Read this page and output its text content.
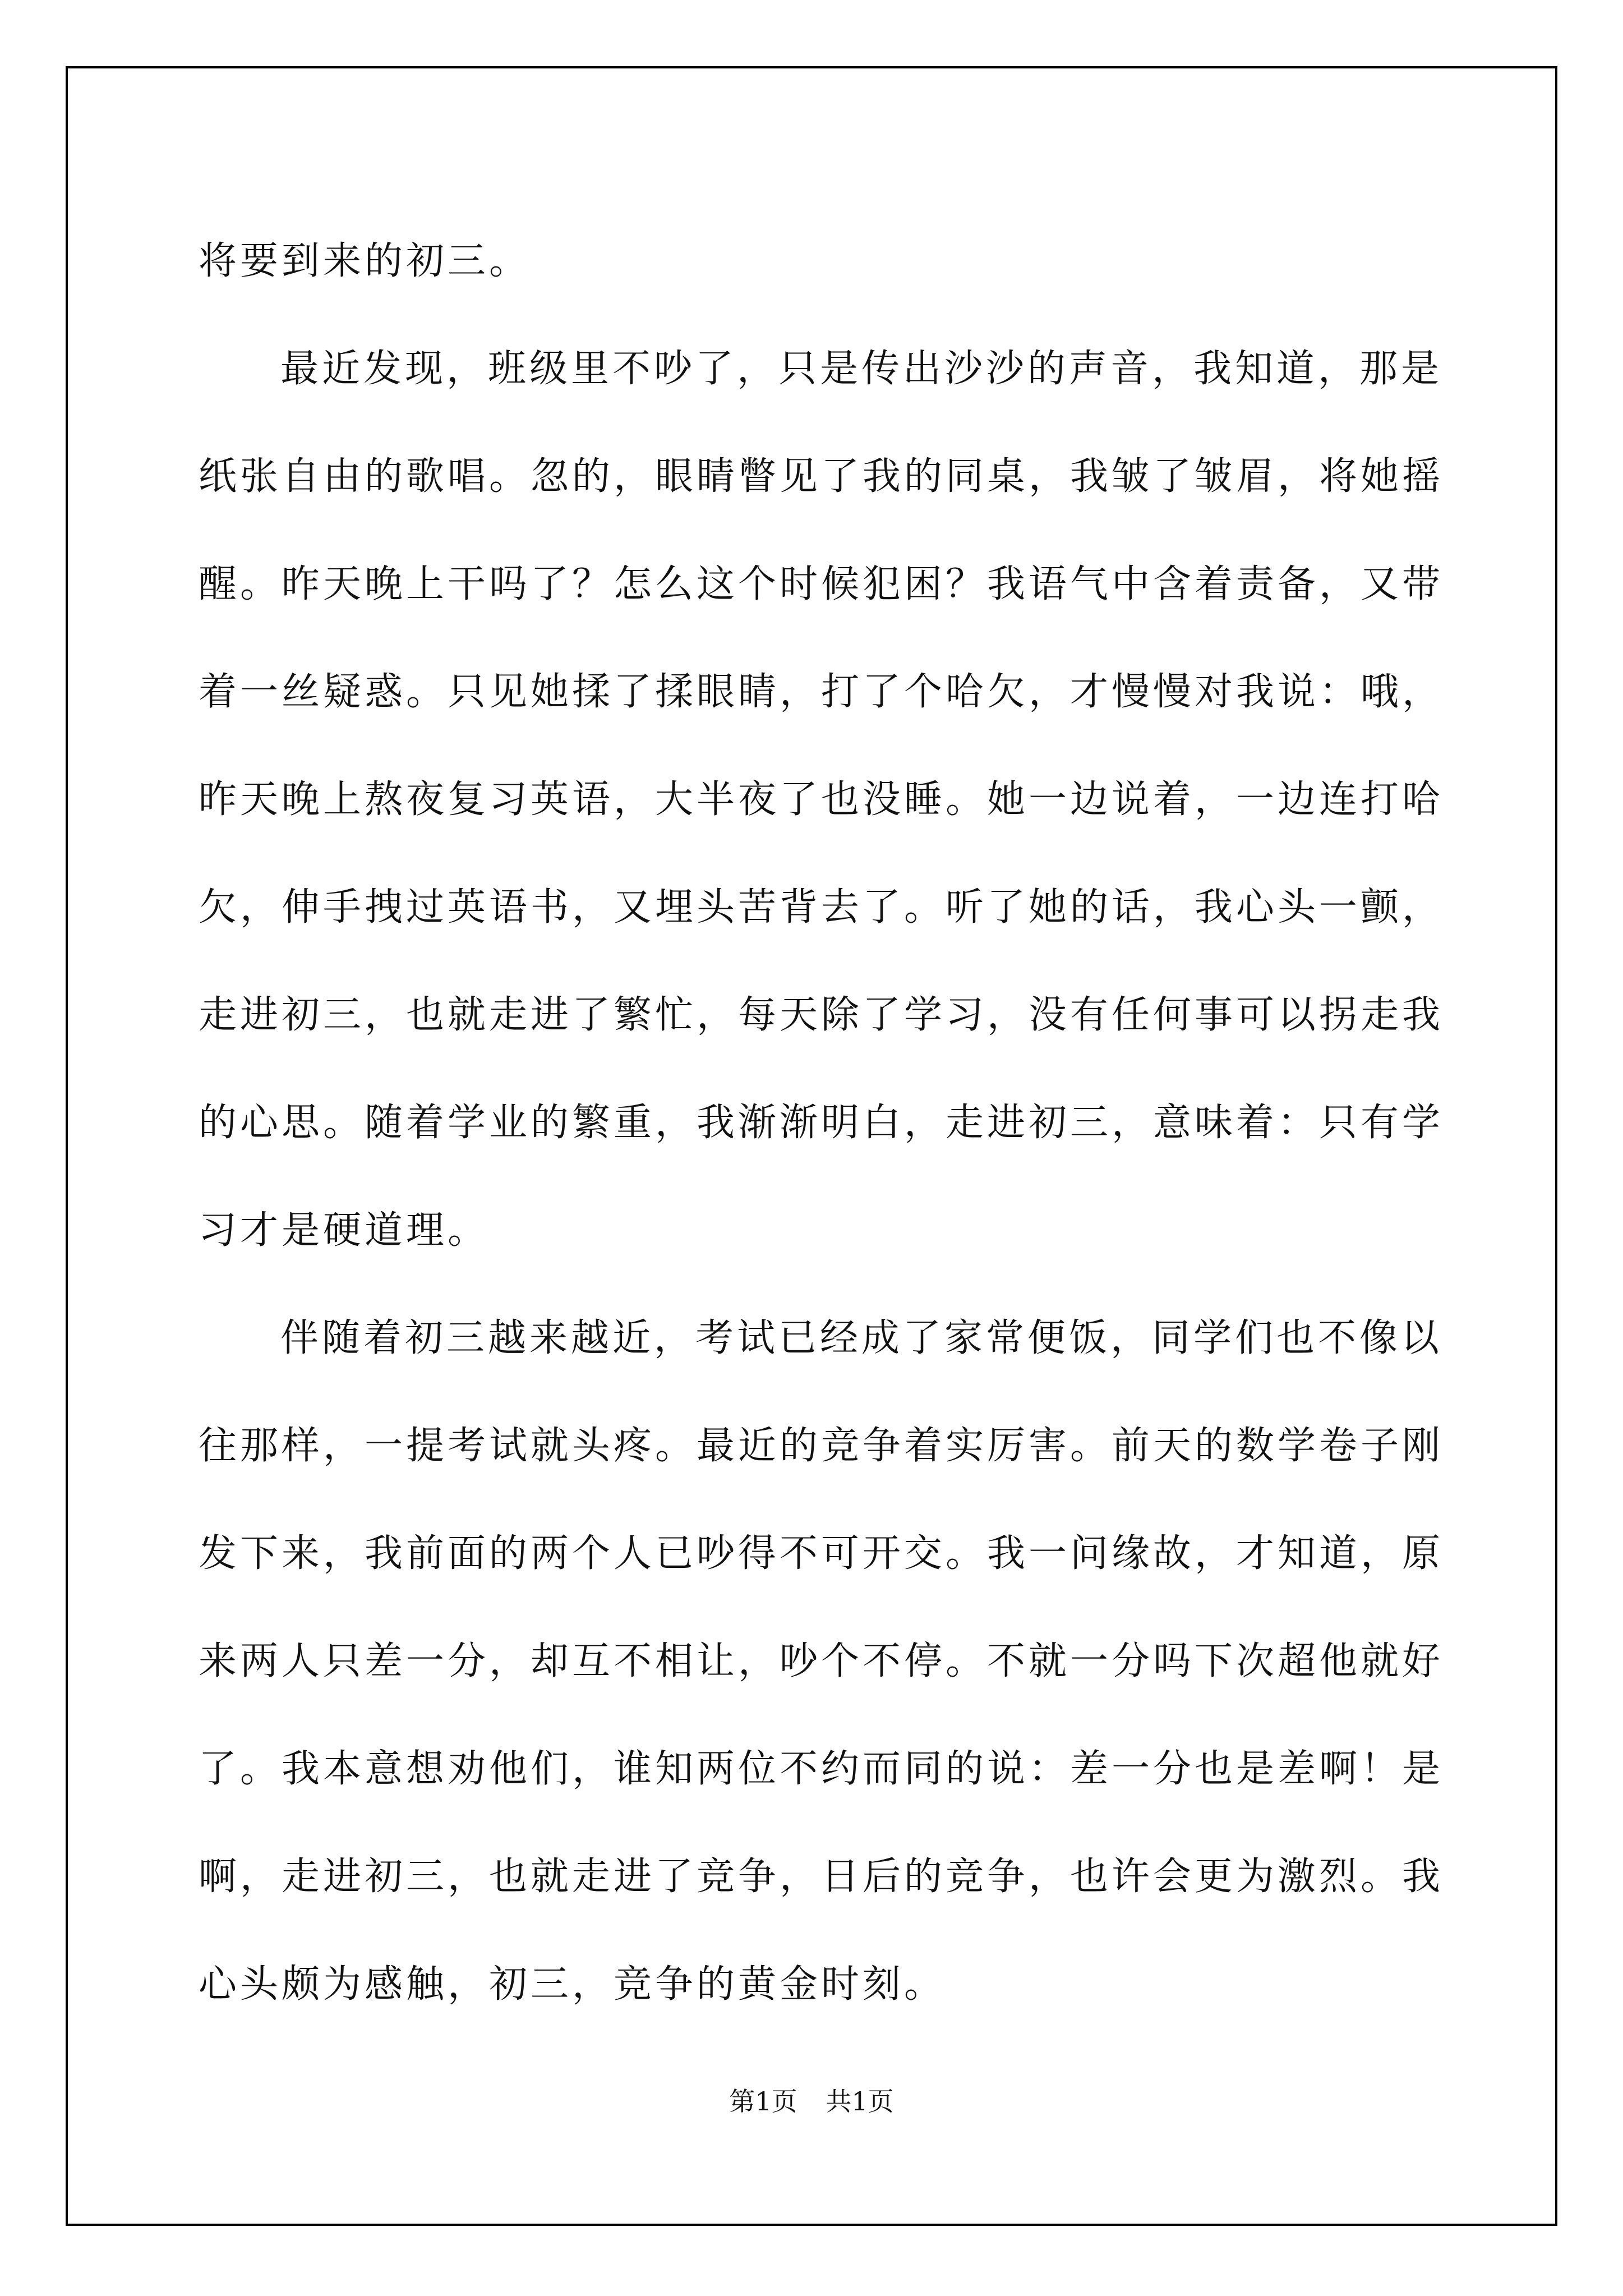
将要到来的初三。
最近发现，班级里不吵了，只是传出沙沙的声音，我知道，那是
纸张自由的歌唱。忽的，眼睛瞥见了我的同桌，我皱了皱眉，将她摇
醒。昨天晚上干吗了？怎么这个时候犯困？我语气中含着责备，又带
着一丝疑惑。只见她揉了揉眼睛，打了个哈欠，才慢慢对我说：哦，
昨天晚上熬夜复习英语，大半夜了也没睡。她一边说着，一边连打哈
欠，伸手拽过英语书，又埋头苦背去了。听了她的话，我心头一颤，
走进初三，也就走进了繁忙，每天除了学习，没有任何事可以拐走我
的心思。随着学业的繁重，我渐渐明白，走进初三，意味着：只有学
习才是硬道理。
伴随着初三越来越近，考试已经成了家常便饭，同学们也不像以
往那样，一提考试就头疼。最近的竞争着实厉害。前天的数学卷子刚
发下来，我前面的两个人已吵得不可开交。我一问缘故，才知道，原
来两人只差一分，却互不相让，吵个不停。不就一分吗下次超他就好
了。我本意想劝他们，谁知两位不约而同的说：差一分也是差啊！是
啊，走进初三，也就走进了竞争，日后的竞争，也许会更为激烈。我
心头颇为感触，初三，竞争的黄金时刻。
第1页 共1页
